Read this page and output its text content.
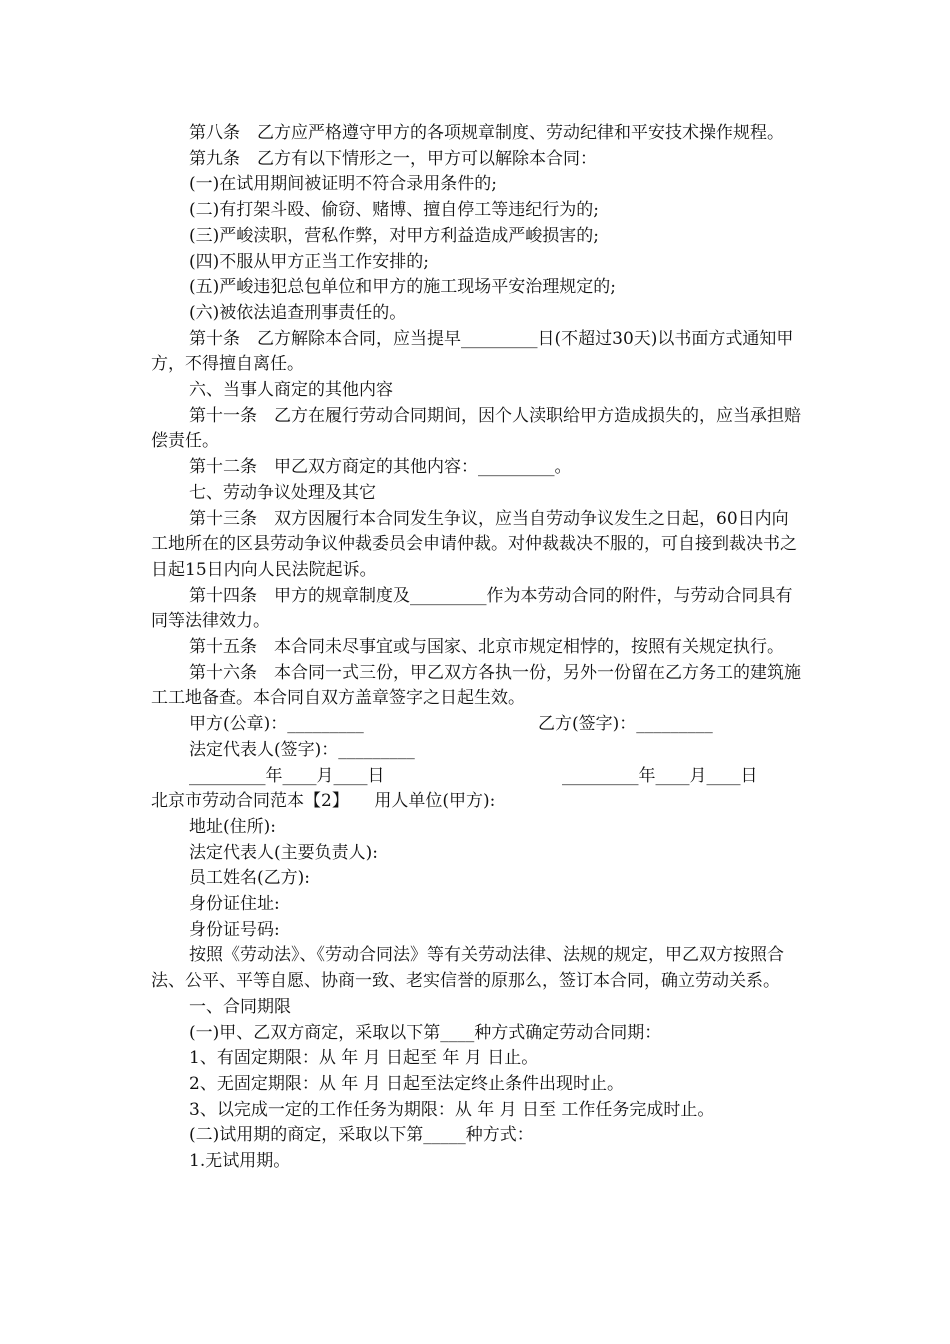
第八条　乙方应严格遵守甲方的各项规章制度、劳动纪律和平安技术操作规程。

第九条　乙方有以下情形之一，甲方可以解除本合同：

(一)在试用期间被证明不符合录用条件的;

(二)有打架斗殴、偷窃、赌博、擅自停工等违纪行为的;

(三)严峻渎职，营私作弊，对甲方利益造成严峻损害的;

(四)不服从甲方正当工作安排的;

(五)严峻违犯总包单位和甲方的施工现场平安治理规定的;

(六)被依法追查刑事责任的。

第十条　乙方解除本合同，应当提早_________日(不超过30天)以书面方式通知甲方，不得擅自离任。

六、当事人商定的其他内容

第十一条　乙方在履行劳动合同期间，因个人渎职给甲方造成损失的，应当承担赔偿责任。

第十二条　甲乙双方商定的其他内容：_________。

七、劳动争议处理及其它

第十三条　双方因履行本合同发生争议，应当自劳动争议发生之日起，60日内向工地所在的区县劳动争议仲裁委员会申请仲裁。对仲裁裁决不服的，可自接到裁决书之日起15日内向人民法院起诉。

第十四条　甲方的规章制度及_________作为本劳动合同的附件，与劳动合同具有同等法律效力。

第十五条　本合同未尽事宜或与国家、北京市规定相悖的，按照有关规定执行。

第十六条　本合同一式三份，甲乙双方各执一份，另外一份留在乙方务工的建筑施工工地备查。本合同自双方盖章签字之日起生效。

甲方(公章)：_________	乙方(签字)：_________
法定代表人(签字)：_________
_________年____月____日	_________年____月____日

北京市劳动合同范本【2】　　用人单位(甲方):

地址(住所):

法定代表人(主要负责人):

员工姓名(乙方):

身份证住址:

身份证号码:

按照《劳动法》、《劳动合同法》等有关劳动法律、法规的规定，甲乙双方按照合法、公平、平等自愿、协商一致、老实信誉的原那么，签订本合同，确立劳动关系。

一、合同期限

(一)甲、乙双方商定，采取以下第____种方式确定劳动合同期：

1、有固定期限：从 年 月 日起至 年 月 日止。

2、无固定期限：从 年 月 日起至法定终止条件出现时止。

3、以完成一定的工作任务为期限：从 年 月 日至 工作任务完成时止。

(二)试用期的商定，采取以下第_____种方式：

1.无试用期。
